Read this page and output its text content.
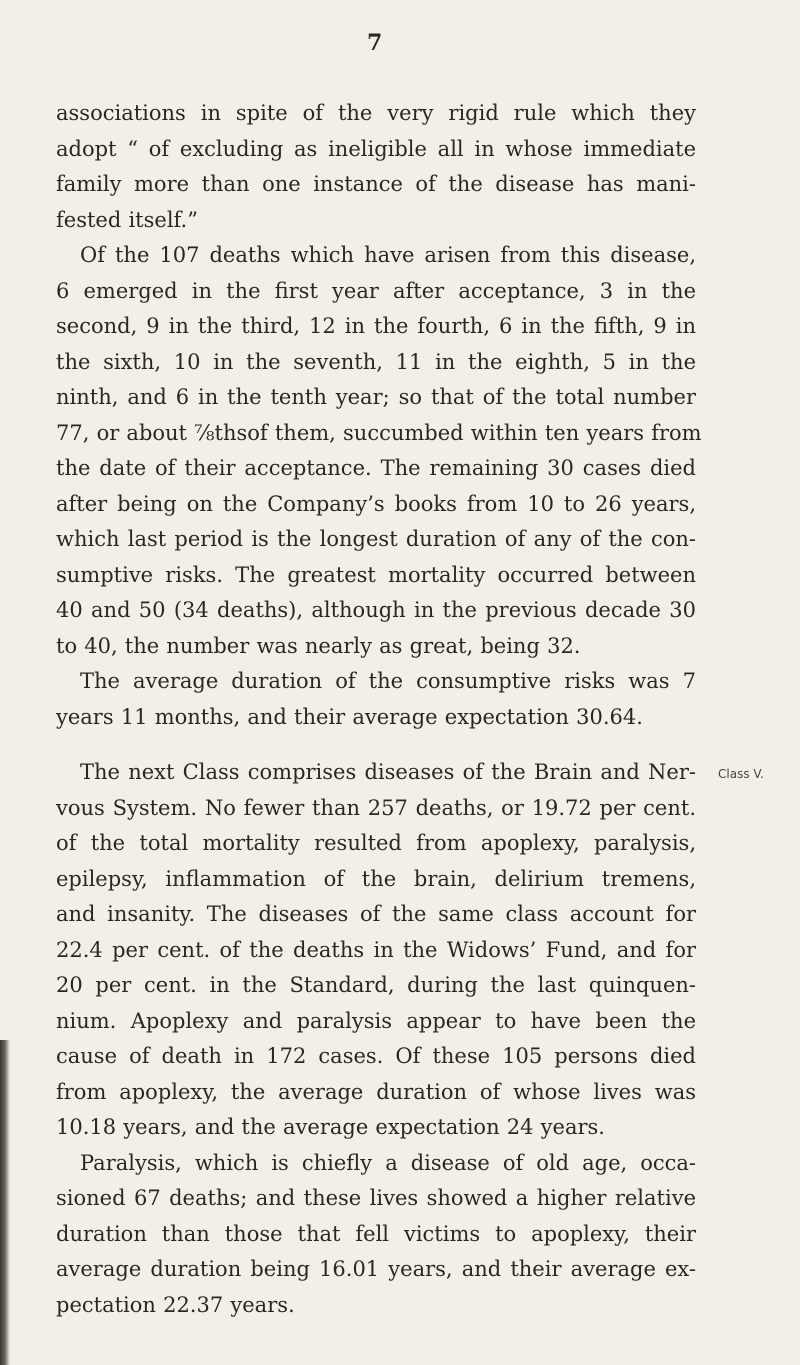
7
associations in spite of the very rigid rule which they
adopt “ of excluding as ineligible all in whose immediate
family more than one instance of the disease has mani-
fested itself.”
Of the 107 deaths which have arisen from this disease,
6 emerged in the first year after acceptance, 3 in the
second, 9 in the third, 12 in the fourth, 6 in the fifth, 9 in
the sixth, 10 in the seventh, 11 in the eighth, 5 in the
ninth, and 6 in the tenth year; so that of the total number
77, or about ⅞thsof them, succumbed within ten years from
the date of their acceptance. The remaining 30 cases died
after being on the Company’s books from 10 to 26 years,
which last period is the longest duration of any of the con-
sumptive risks. The greatest mortality occurred between
40 and 50 (34 deaths), although in the previous decade 30
to 40, the number was nearly as great, being 32.
The average duration of the consumptive risks was 7
years 11 months, and their average expectation 30.64.
The next Class comprises diseases of the Brain and Ner-
vous System. No fewer than 257 deaths, or 19.72 per cent.
of the total mortality resulted from apoplexy, paralysis,
epilepsy, inflammation of the brain, delirium tremens,
and insanity. The diseases of the same class account for
22.4 per cent. of the deaths in the Widows’ Fund, and for
20 per cent. in the Standard, during the last quinquen-
nium. Apoplexy and paralysis appear to have been the
cause of death in 172 cases. Of these 105 persons died
from apoplexy, the average duration of whose lives was
10.18 years, and the average expectation 24 years.
Paralysis, which is chiefly a disease of old age, occa-
sioned 67 deaths; and these lives showed a higher relative
duration than those that fell victims to apoplexy, their
average duration being 16.01 years, and their average ex-
pectation 22.37 years.
Class V.
